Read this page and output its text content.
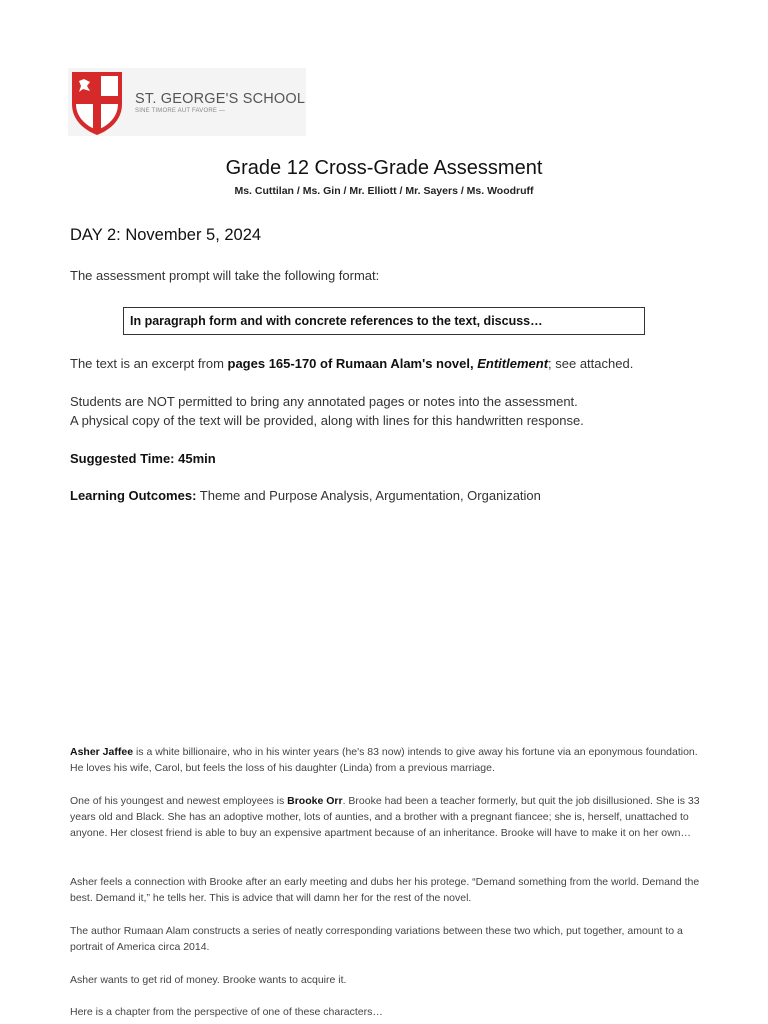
ST. GEORGE'S SCHOOL
SINE TIMORE AUT FAVORE —
Grade 12 Cross-Grade Assessment
Ms. Cuttilan / Ms. Gin / Mr. Elliott / Mr. Sayers / Ms. Woodruff
DAY 2: November 5, 2024
The assessment prompt will take the following format:
In paragraph form and with concrete references to the text, discuss…
The text is an excerpt from pages 165-170 of Rumaan Alam's novel, Entitlement; see attached.
Students are NOT permitted to bring any annotated pages or notes into the assessment.
A physical copy of the text will be provided, along with lines for this handwritten response.
Suggested Time: 45min
Learning Outcomes: Theme and Purpose Analysis, Argumentation, Organization
Asher Jaffee is a white billionaire, who in his winter years (he's 83 now) intends to give away his fortune via an eponymous foundation. He loves his wife, Carol, but feels the loss of his daughter (Linda) from a previous marriage.
One of his youngest and newest employees is Brooke Orr. Brooke had been a teacher formerly, but quit the job disillusioned. She is 33 years old and Black. She has an adoptive mother, lots of aunties, and a brother with a pregnant fiancee; she is, herself, unattached to anyone. Her closest friend is able to buy an expensive apartment because of an inheritance. Brooke will have to make it on her own…
Asher feels a connection with Brooke after an early meeting and dubs her his protege. “Demand something from the world. Demand the best. Demand it,” he tells her. This is advice that will damn her for the rest of the novel.
The author Rumaan Alam constructs a series of neatly corresponding variations between these two which, put together, amount to a portrait of America circa 2014.
Asher wants to get rid of money. Brooke wants to acquire it.
Here is a chapter from the perspective of one of these characters…
